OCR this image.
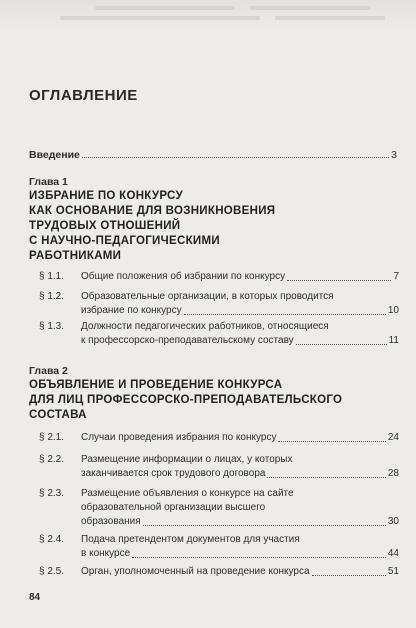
ОГЛАВЛЕНИЕ
Введение	3
Глава 1
ИЗБРАНИЕ ПО КОНКУРСУ
КАК ОСНОВАНИЕ ДЛЯ ВОЗНИКНОВЕНИЯ
ТРУДОВЫХ ОТНОШЕНИЙ
С НАУЧНО-ПЕДАГОГИЧЕСКИМИ
РАБОТНИКАМИ
§ 1.1. Общие положения об избрании по конкурсу	7
§ 1.2. Образовательные организации, в которых проводится
избрание по конкурсу	10
§ 1.3. Должности педагогических работников, относящиеся
к профессорско-преподавательскому составу	11
Глава 2
ОБЪЯВЛЕНИЕ И ПРОВЕДЕНИЕ КОНКУРСА
ДЛЯ ЛИЦ ПРОФЕССОРСКО-ПРЕПОДАВАТЕЛЬСКОГО
СОСТАВА
§ 2.1. Случаи проведения избрания по конкурсу	24
§ 2.2. Размещение информации о лицах, у которых
заканчивается срок трудового договора	28
§ 2.3. Размещение объявления о конкурсе на сайте
образовательной организации высшего
образования	30
§ 2.4. Подача претендентом документов для участия
в конкурсе	44
§ 2.5. Орган, уполномоченный на проведение конкурса	51
84
